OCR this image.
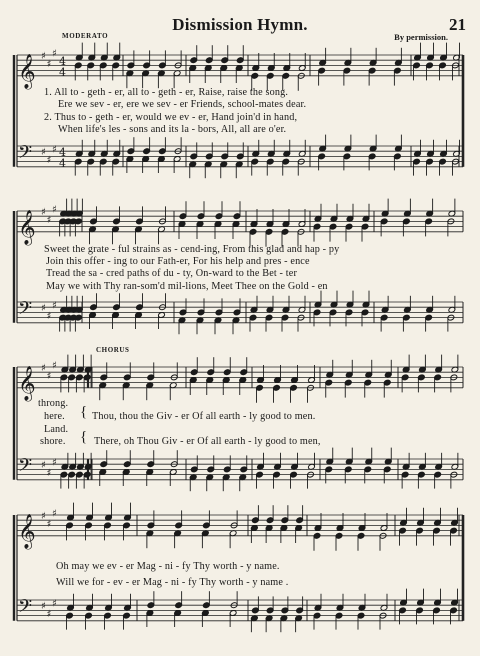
Dismission Hymn.	21
MODERATO	By permission.
CHORUS
𝄞
𝄢
♯
♯
♯
♯
♯
♯
4
4
4
4
𝄞
𝄢
♯
♯
♯
♯
♯
♯
𝄞
𝄢
♯
♯
♯
♯
♯
♯
𝄞
𝄢
♯
♯
♯
♯
♯
♯
1. All to - geth - er, all to - geth - er, Raise, raise the song.
Ere we sev - er, ere we sev - er Friends, school-mates dear.
2. Thus to - geth - er, would we ev - er, Hand join'd in hand,
When life's les - sons and its la - bors, All, all are o'er.
Sweet the grate - ful strains as - cend-ing, From this glad and hap - py
Join this offer - ing to our Fath-er, For his help and pres - ence
Tread the sa - cred paths of du - ty, On-ward to the Bet - ter
May we with Thy ran-som'd mil-lions, Meet Thee on the Gold - en
throng.
here.
Land.
shore.
{
{
Thou, thou the Giv - er Of all earth - ly good to men.
There, oh Thou Giv - er Of all earth - ly good to men,
Oh may we ev - er Mag - ni - fy Thy worth - y name.
Will we for - ev - er Mag - ni - fy Thy worth - y name .
